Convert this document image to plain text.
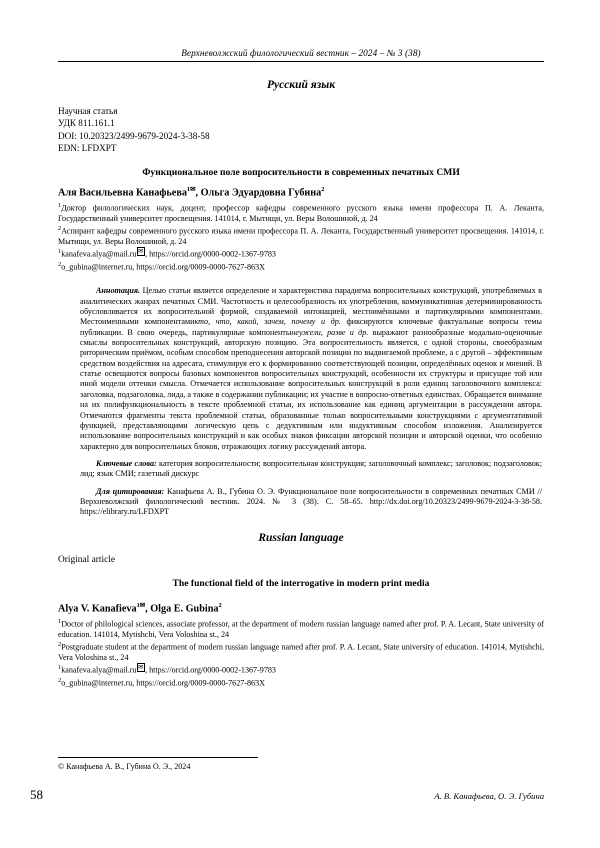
Верхневолжский филологический вестник – 2024 – № 3 (38)
Русский язык
Научная статья
УДК 811.161.1
DOI: 10.20323/2499-9679-2024-3-38-58
EDN: LFDXPT
Функциональное поле вопросительности в современных печатных СМИ
Аля Васильевна Канафьева$^{1✉}$, Ольга Эдуардовна Губина$^2$
$^1$Доктор филологических наук, доцент, профессор кафедры современного русского языка имени профессора П. А. Леканта, Государственный университет просвещения. 141014, г. Мытищи, ул. Веры Волошиной, д. 24
$^2$Аспирант кафедры современного русского языка имени профессора П. А. Леканта, Государственный университет просвещения. 141014, г. Мытищи, ул. Веры Волошиной, д. 24
$^1$kanafeva.alya@mail.ru ✉ , https://orcid.org/0000-0002-1367-9783
$^2$o_gubina@internet.ru, https://orcid.org/0009-0000-7627-863X
Аннотация. Целью статьи является определение и характеристика парадигма вопросительных конструкций, употребляемых в аналитических жанрах печатных СМИ. Частотность и целесообразность их употребления, коммуникативная детерминированность обусловливается их вопросительной формой, создаваемой интонацией, местоимёнными и партикулярными компонентами. Местоименными компонентамикто, что, какой, зачем, почему и др. фиксируются ключевые фактуальные вопросы темы публикации. В свою очередь, партикулярные компонентынеужели, разве и др. выражают разнообразные модально-оценочные смыслы вопросительных конструкций, авторскую позицию. Эта вопросительность является, с одной стороны, своеобразным риторическим приёмом, особым способом преподнесения авторской позиции по выдвигаемой проблеме, а с другой – эффективным средством воздействия на адресата, стимулируя его к формированию соответствующей позиции, определённых оценок и мнений. В статье освещаются вопросы базовых компонентов вопросительных конструкций, особенности их структуры и присущие той или иной модели оттенки смысла. Отмечается использование вопросительных конструкций в роли единиц заголовочного комплекса: заголовка, подзаголовка, лида, а также в содержании публикации; их участие в вопросно-ответных единствах. Обращается внимание на их полифункциональность в тексте проблемной статьи, их использование как единиц аргументации в рассуждении автора. Отмечаются фрагменты текста проблемной статьи, образованные только вопросительными конструкциями с аргументативной функцией, представляющими логическую цепь с дедуктивным или индуктивным способом изложения. Анализируется использование вопросительных конструкций и как особых знаков фиксации авторской позиции и авторской оценки, что особенно характерно для вопросительных блоков, отражающих логику рассуждений автора.
Ключевые слова: категория вопросительности; вопросительная конструкция; заголовочный комплекс; заголовок; подзаголовок; лид; язык СМИ; газетный дискурс
Для цитирования: Канафьева А. В., Губина О. Э. Функциональное поле вопросительности в современных печатных СМИ // Верхневолжский филологический вестник. 2024. № 3 (38). С. 58–65. http://dx.doi.org/10.20323/2499-9679-2024-3-38-58. https://elibrary.ru/LFDXPT
Russian language
Original article
The functional field of the interrogative in modern print media
Alya V. Kanafieva$^{1✉}$, Olga E. Gubina$^2$
$^1$Doctor of philological sciences, associate professor, at the department of modern russian language named after prof. P. A. Lecant, State university of education. 141014, Mytishchi, Vera Voloshina st., 24
$^2$Postgraduate student at the department of modern russian language named after prof. P. A. Lecant, State university of education. 141014, Mytishchi, Vera Voloshina st., 24
$^1$kanafeva.alya@mail.ru ✉ , https://orcid.org/0000-0002-1367-9783
$^2$o_gubina@internet.ru, https://orcid.org/0009-0000-7627-863X
© Канафьева А. В., Губина О. Э., 2024
58	А. В. Канафьева, О. Э. Губина
